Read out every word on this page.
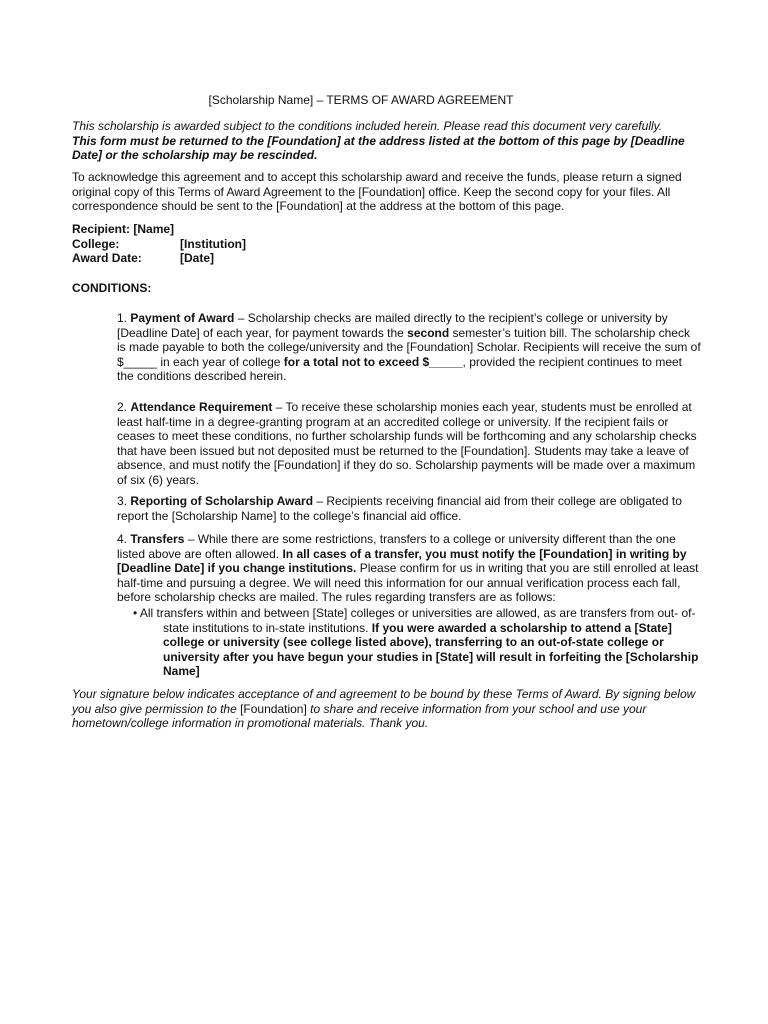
[Scholarship Name] – TERMS OF AWARD AGREEMENT
This scholarship is awarded subject to the conditions included herein. Please read this document very carefully.
This form must be returned to the [Foundation] at the address listed at the bottom of this page by [Deadline Date] or the scholarship may be rescinded.
To acknowledge this agreement and to accept this scholarship award and receive the funds, please return a signed original copy of this Terms of Award Agreement to the [Foundation] office. Keep the second copy for your files. All correspondence should be sent to the [Foundation] at the address at the bottom of this page.
Recipient:
[Name]
College:	[Institution]
Award Date:	[Date]
CONDITIONS:
1. Payment of Award – Scholarship checks are mailed directly to the recipient’s college or university by [Deadline Date] of each year, for payment towards the second semester’s tuition bill. The scholarship check is made payable to both the college/university and the [Foundation] Scholar. Recipients will receive the sum of $_____ in each year of college for a total not to exceed $_____, provided the recipient continues to meet the conditions described herein.
2. Attendance Requirement – To receive these scholarship monies each year, students must be enrolled at least half-time in a degree-granting program at an accredited college or university. If the recipient fails or ceases to meet these conditions, no further scholarship funds will be forthcoming and any scholarship checks that have been issued but not deposited must be returned to the [Foundation]. Students may take a leave of absence, and must notify the [Foundation] if they do so. Scholarship payments will be made over a maximum of six (6) years.
3. Reporting of Scholarship Award – Recipients receiving financial aid from their college are obligated to report the [Scholarship Name] to the college’s financial aid office.
4. Transfers – While there are some restrictions, transfers to a college or university different than the one listed above are often allowed. In all cases of a transfer, you must notify the [Foundation] in writing by [Deadline Date] if you change institutions. Please confirm for us in writing that you are still enrolled at least half-time and pursuing a degree. We will need this information for our annual verification process each fall, before scholarship checks are mailed. The rules regarding transfers are as follows:
• All transfers within and between [State] colleges or universities are allowed, as are transfers from out- of-state institutions to in-state institutions. If you were awarded a scholarship to attend a [State] college or university (see college listed above), transferring to an out-of-state college or university after you have begun your studies in [State] will result in forfeiting the [Scholarship Name]
Your signature below indicates acceptance of and agreement to be bound by these Terms of Award. By signing below you also give permission to the [Foundation] to share and receive information from your school and use your hometown/college information in promotional materials. Thank you.
